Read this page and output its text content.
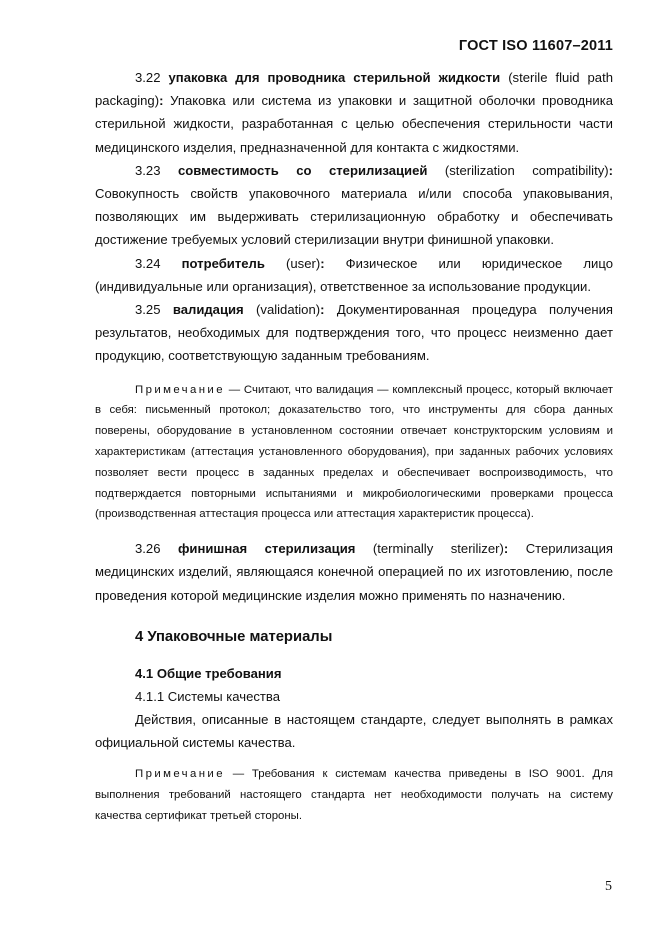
ГОСТ ISO 11607–2011

3.22 упаковка для проводника стерильной жидкости (sterile fluid path packaging): Упаковка или система из упаковки и защитной оболочки проводника стерильной жидкости, разработанная с целью обеспечения стерильности части медицинского изделия, предназначенной для контакта с жидкостями.

3.23 совместимость со стерилизацией (sterilization compatibility): Совокупность свойств упаковочного материала и/или способа упаковывания, позволяющих им выдерживать стерилизационную обработку и обеспечивать достижение требуемых условий стерилизации внутри финишной упаковки.

3.24 потребитель (user): Физическое или юридическое лицо (индивидуальные или организация), ответственное за использование продукции.

3.25 валидация (validation): Документированная процедура получения результатов, необходимых для подтверждения того, что процесс неизменно дает продукцию, соответствующую заданным требованиям.

Примечание — Считают, что валидация — комплексный процесс, который включает в себя: письменный протокол; доказательство того, что инструменты для сбора данных поверены, оборудование в установленном состоянии отвечает конструкторским условиям и характеристикам (аттестация установленного оборудования), при заданных рабочих условиях позволяет вести процесс в заданных пределах и обеспечивает воспроизводимость, что подтверждается повторными испытаниями и микробиологическими проверками процесса (производственная аттестация процесса или аттестация характеристик процесса).

3.26 финишная стерилизация (terminally sterilizer): Стерилизация медицинских изделий, являющаяся конечной операцией по их изготовлению, после проведения которой медицинские изделия можно применять по назначению.

4 Упаковочные материалы
4.1 Общие требования

4.1.1 Системы качества

Действия, описанные в настоящем стандарте, следует выполнять в рамках официальной системы качества.

Примечание — Требования к системам качества приведены в ISO 9001. Для выполнения требований настоящего стандарта нет необходимости получать на систему качества сертификат третьей стороны.

5
